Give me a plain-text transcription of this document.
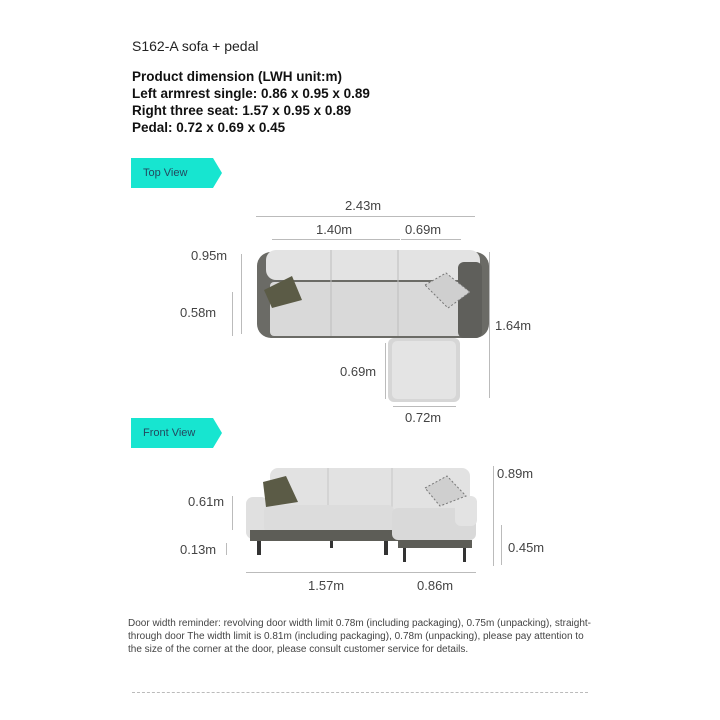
S162-A sofa + pedal
Product dimension (LWH unit:m)
Left armrest single: 0.86 x 0.95 x 0.89
Right three seat: 1.57 x 0.95 x 0.89
Pedal: 0.72 x 0.69 x 0.45
Top View
Front View
2.43m
1.40m	0.69m
0.95m
0.58m
1.64m
0.69m
0.72m
0.61m
0.13m
0.89m
0.45m
1.57m	0.86m
Door width reminder: revolving door width limit 0.78m (including packaging), 0.75m (unpacking), straight-through door The width limit is 0.81m (including packaging), 0.78m (unpacking), please pay attention to the size of the corner at the door, please consult customer service for details.
